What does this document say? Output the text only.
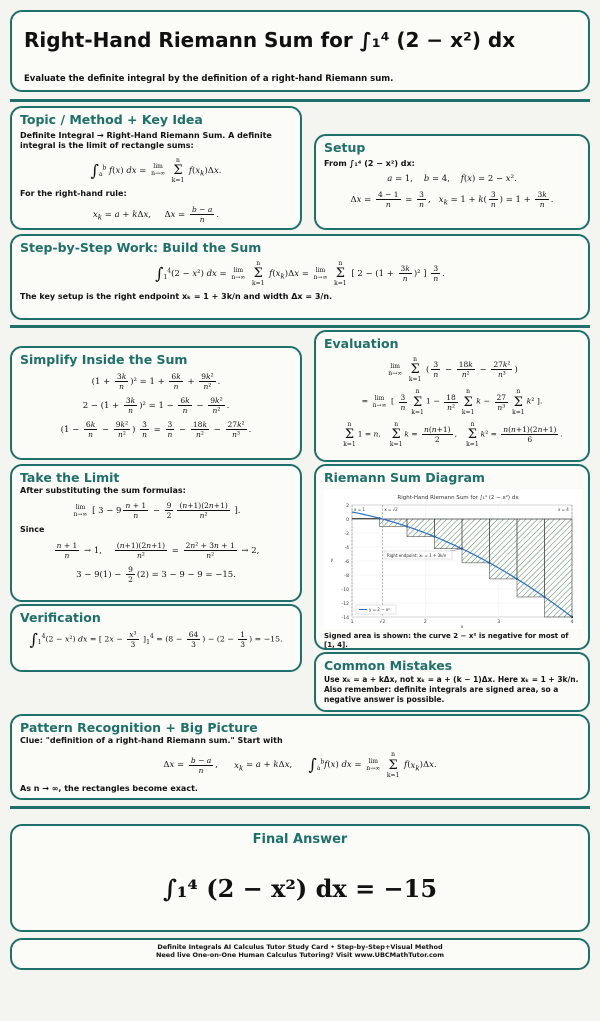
Right-Hand Riemann Sum for ∫₁⁴ (2 − x²) dx
Evaluate the definite integral by the definition of a right-hand Riemann sum.
Topic / Method + Key Idea
Definite Integral → Right-Hand Riemann Sum. A definite integral is the limit of rectangle sums:
$\int_a^b$ f(x) dx = lim
n→∞

n
Σ
k=1
$f(x_k)\Delta x$.
For the right-hand rule:
$x_k = a + k\Delta x$,     $\Delta x = \frac{b - a}{n}$ .
Setup
From ∫₁⁴ (2 − x²) dx:
a = 1,    b = 4,    f(x) = 2 − x².
$\Delta x = \frac{4 - 1}{n} = \frac{3}{n}$ ,   $x_k = 1 + k( \frac{3}{n}$ ) = $1 + \frac{3k}{n}$ .
Step-by-Step Work: Build the Sum
$\int_1^4(2 - x^2)$ dx = lim
n→∞

n
Σ
k=1
$f(x_k)\Delta x = \lim$
n→∞

n
Σ
k=1
[ $2 - (1 + \frac{3k}{n} )^2$ ] $\frac{3}{n}$ .
The key setup is the right endpoint xₖ = 1 + 3k/n and width Δx = 3/n.
Simplify Inside the Sum
$(1 + \frac{3k}{n} )^2 = 1 + \frac{6k}{n} + \frac{\text{9k²}}{\text{n²}}$ .
$2 - (1 + \frac{3k}{n} )^2 = 1 - \frac{6k}{n} - \frac{\text{9k²}}{\text{n²}}$ .
($1 - \frac{6k}{n} - \frac{\text{9k²}}{\text{n²}}$ ) $\frac{3}{n} = \frac{3}{n} - \frac{18k}{\text{n²}} - \frac{\text{27k²}}{\text{n³}}$ .
Evaluation
lim
n→∞

n
Σ
k=1
( $\frac{3}{n} - \frac{18k}{\text{n²}} - \frac{\text{27k²}}{\text{n³}}$ )
= lim
n→∞ [ $\frac{3}{n}$
n
Σ
k=1
$1 - \frac{18}{\text{n²}}$
n
Σ
k=1
$k - \frac{27}{\text{n³}}$
n
Σ
k=1
k² ].
n
Σ
k=1
1 = n,
n
Σ
k=1
$k = \frac{n(n+1)}{2}$ ,
n
Σ
k=1
$k^2 = \frac{n(n+1)(2n+1)}{6}$ .
Take the Limit
After substituting the sum formulas:
lim
n→∞ [ $3 - 9 \frac{n + 1}{n} - \frac{9}{2} \frac{(n+1)(2n+1)}{\text{n²}}$ ].
Since
$\frac{n + 1}{n} \to 1$, $\frac{(n+1)(2n+1)}{\text{n²}} = \frac{\text{2n² + 3n + 1}}{\text{n²}} \to 2$,
$3 - 9(1) - \frac{9}{2} (2) = 3 - 9 - 9 = -15$.
Riemann Sum Diagram
Right-Hand Riemann Sum for ∫₁⁴ (2 − x²) dx
2
0
-2
-4
-6
-8
-10
-12
-14
1	√2	2	3	4
x = 1	x = √2	x = 4
Right endpoint: xₖ = 1 + 3k/n
y = 2 − x²
x
y
Signed area is shown: the curve 2 − x² is negative for most of [1, 4].
Verification
$\int_1^4(2 - x^2)$ dx = [ $2x - \frac{\text{x³}}{3} ]_1^4 = (8 - \frac{64}{3}$ ) − ($2 - \frac{1}{3}$ ) = −15.
Common Mistakes
Use xₖ = a + kΔx, not xₖ = a + (k − 1)Δx. Here xₖ = 1 + 3k/n. Also remember: definite integrals are signed area, so a negative answer is possible.
Pattern Recognition + Big Picture
Clue: "definition of a right-hand Riemann sum." Start with
$\Delta x = \frac{b - a}{n}$ ,      $x_k = a + k\Delta x$,      $\int_a^bf(x)$ dx = lim
n→∞

n
Σ
k=1
$f(x_k)\Delta x$.
As n → ∞, the rectangles become exact.
Final Answer
∫₁⁴ (2 − x²) dx = −15
Definite Integrals AI Calculus Tutor Study Card • Step-by-Step+Visual Method
Need live One-on-One Human Calculus Tutoring? Visit www.UBCMathTutor.com
